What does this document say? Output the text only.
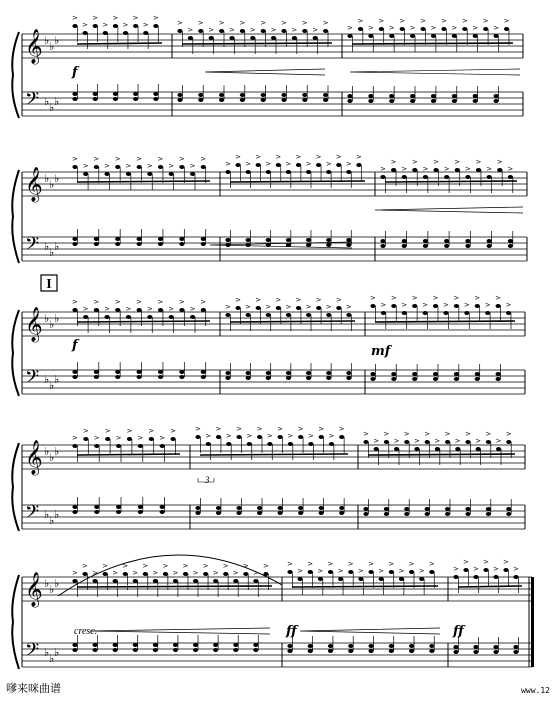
>
>
>
>
>
>
>
>
>
>
>
>
>
>
>
>
>
>
>
>
>
>
>
>
>
>
>
>
>
>
>
>
>
>
>
>
>
>
>
>
>
>
>
>
>
>
>
>
>
>
>
>
>
>
>
>
>
>
>
>
>
>
>
>
>
>
>
>
>
>
>
>
>
>
>
>
>
>
>
>
>
>
>
>
>
>
>
>
>
>
>
>
>
>
>
>
>
>
>
>
>
>
>
>
>
>
>
>
>
>
>
>
>
>
>
>
>
>
>
>
>
>
>
>
>
>
>
>
>
>	>
>
>
>
>
>
>
>
>
>
>
>
>
>
>
>
>
>
>
>
>
>
>
>
>
>
>
>
>
>
>
>
>
>
>
>
>
>
>
>
>
>
>
>
>
>
>
>
>
>	>
>
>
>
>
>
>
>
>
>
>
>
>
>
>
>
>
>
>
>
>
>
𝄞 ♭ ♭ ♭
𝄢 ♭ ♭ ♭
𝄞 ♭ ♭ ♭
𝄢 ♭ ♭ ♭
𝄞 ♭ ♭ ♭
𝄢 ♭ ♭ ♭
𝄞 ♭ ♭ ♭
𝄢 ♭ ♭ ♭
𝄞 ♭ ♭ ♭
𝄢 ♭ ♭ ♭
f
f	mf
cresc.	ff	ff
3
I
嗲来咪曲谱	www.12
